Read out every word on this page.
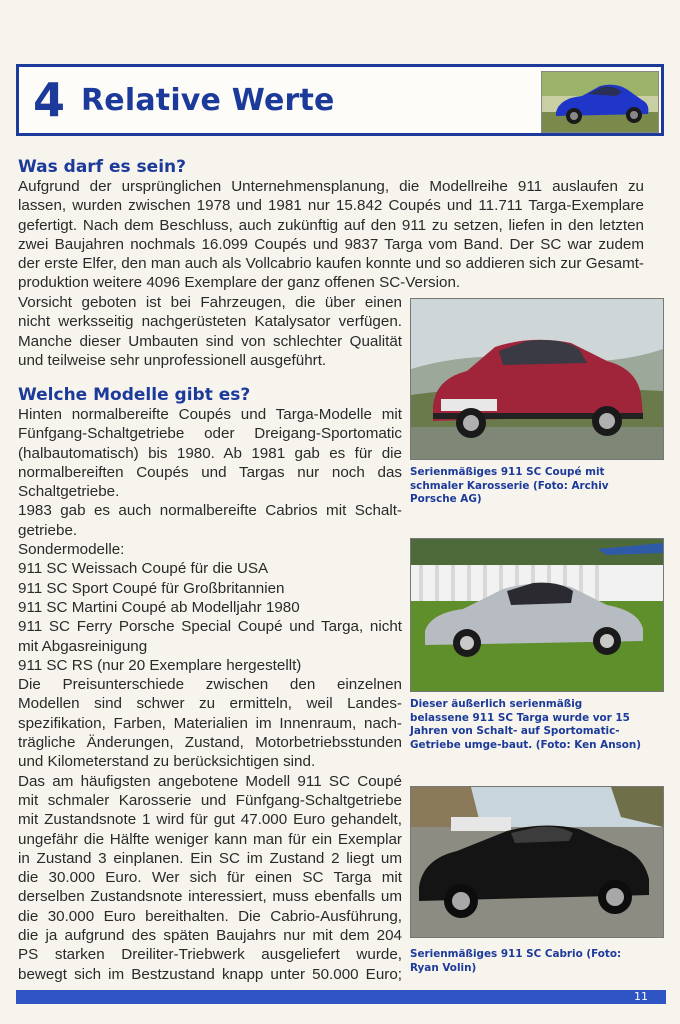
4 Relative Werte
Was darf es sein?
Aufgrund der ursprünglichen Unternehmensplanung, die Modellreihe 911 auslaufen zu
lassen, wurden zwischen 1978 und 1981 nur 15.842 Coupés und 11.711 Targa-Exemplare
gefertigt. Nach dem Beschluss, auch zukünftig auf den 911 zu setzen, liefen in den letzten
zwei Baujahren nochmals 16.099 Coupés und 9837 Targa vom Band. Der SC war zudem
der erste Elfer, den man auch als Vollcabrio kaufen konnte und so addieren sich zur Gesamt-
produktion weitere 4096 Exemplare der ganz offenen SC-Version.
Vorsicht geboten ist bei Fahrzeugen, die über einen
nicht werksseitig nachgerüsteten Katalysator verfügen.
Manche dieser Umbauten sind von schlechter Qualität
und teilweise sehr unprofessionell ausgeführt.
Welche Modelle gibt es?
Hinten normalbereifte Coupés und Targa-Modelle mit
Fünfgang-Schaltgetriebe oder Dreigang-Sportomatic
(halbautomatisch) bis 1980. Ab 1981 gab es für die
normalbereiften Coupés und Targas nur noch das
Schaltgetriebe.
1983 gab es auch normalbereifte Cabrios mit Schalt-
getriebe.
Sondermodelle:
911 SC Weissach Coupé für die USA
911 SC Sport Coupé für Großbritannien
911 SC Martini Coupé ab Modelljahr 1980
911 SC Ferry Porsche Special Coupé und Targa, nicht
mit Abgasreinigung
911 SC RS (nur 20 Exemplare hergestellt)
Die Preisunterschiede zwischen den einzelnen
Modellen sind schwer zu ermitteln, weil Landes-
spezifikation, Farben, Materialien im Innenraum, nach-
trägliche Änderungen, Zustand, Motorbetriebsstunden
und Kilometerstand zu berücksichtigen sind.
Das am häufigsten angebotene Modell 911 SC Coupé
mit schmaler Karosserie und Fünfgang-Schaltgetriebe
mit Zustandsnote 1 wird für gut 47.000 Euro gehandelt,
ungefähr die Hälfte weniger kann man für ein Exemplar
in Zustand 3 einplanen. Ein SC im Zustand 2 liegt um
die 30.000 Euro. Wer sich für einen SC Targa mit
derselben Zustandsnote interessiert, muss ebenfalls um
die 30.000 Euro bereithalten. Die Cabrio-Ausführung,
die ja aufgrund des späten Baujahrs nur mit dem 204
PS starken Dreiliter-Triebwerk ausgeliefert wurde,
bewegt sich im Bestzustand knapp unter 50.000 Euro;

Serienmäßiges 911 SC Coupé mit schmaler Karosserie (Foto: Archiv Porsche AG)

Dieser äußerlich serienmäßig belassene 911 SC Targa wurde vor 15 Jahren von Schalt- auf Sportomatic-Getriebe umge-baut. (Foto: Ken Anson)

Serienmäßiges 911 SC Cabrio (Foto: Ryan Volin)

11
